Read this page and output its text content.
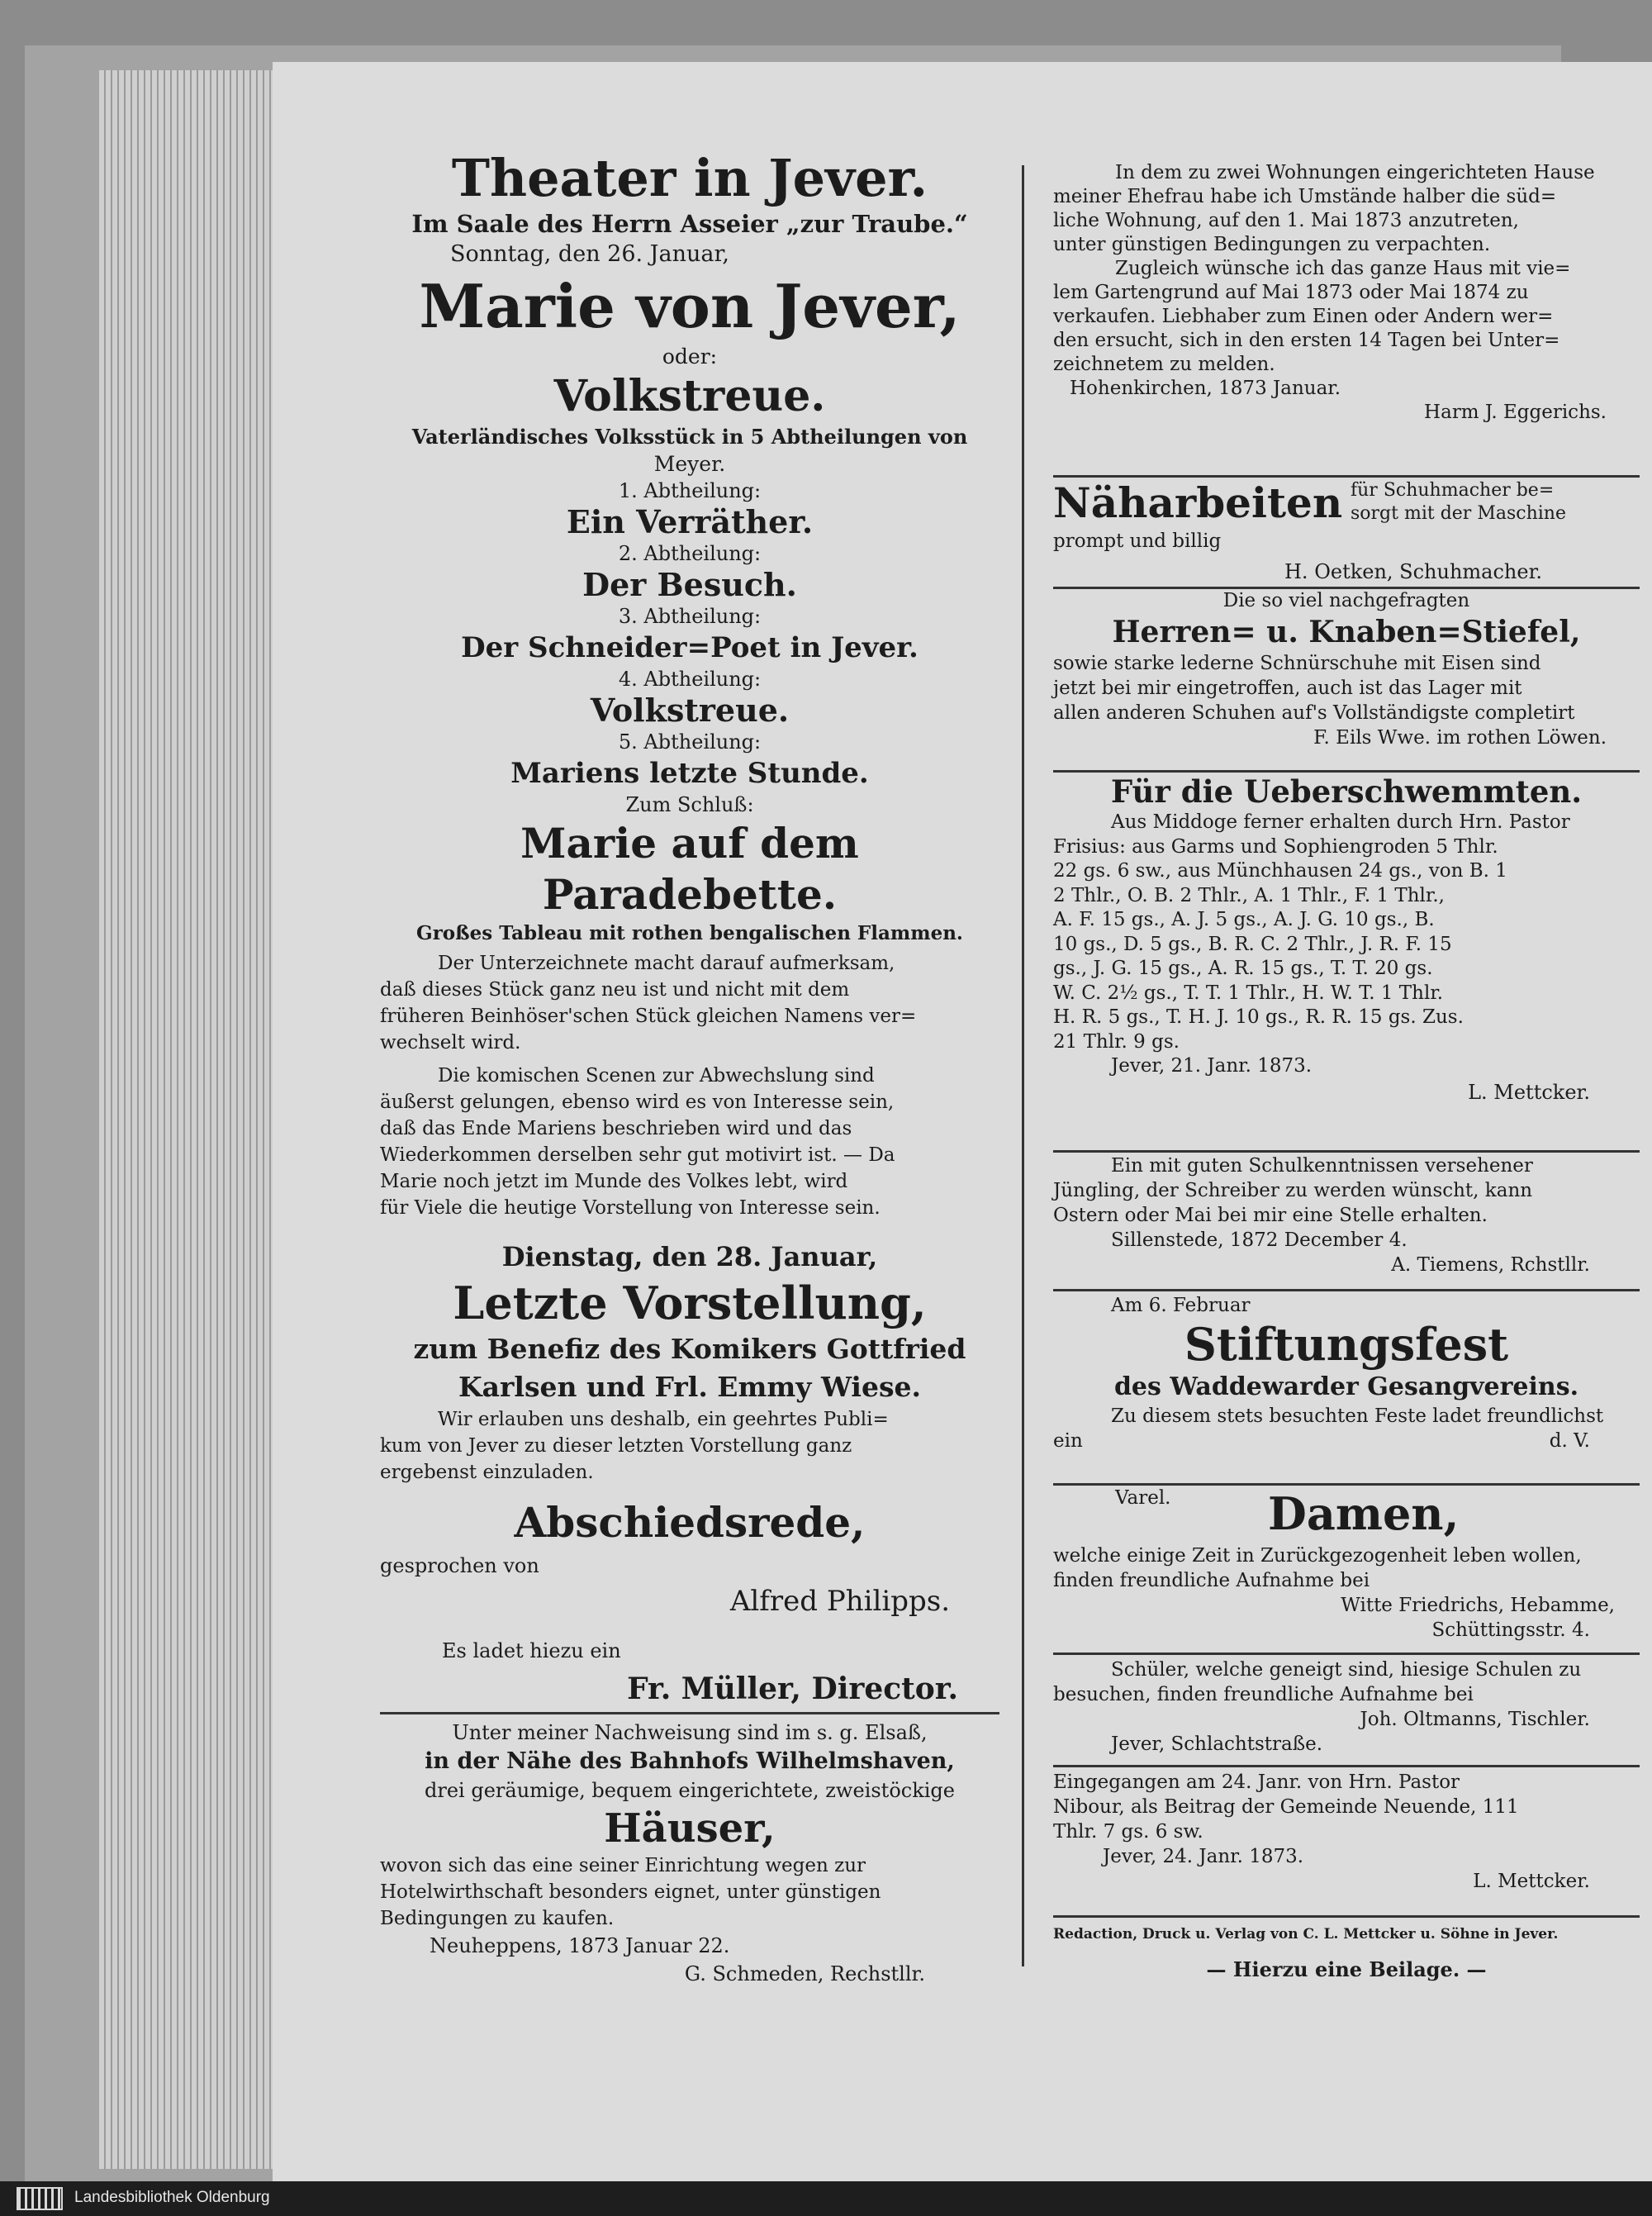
Theater in Jever.
Im Saale des Herrn Asseier „zur Traube.“
Sonntag, den 26. Januar,
Marie von Jever,
oder:
Volkstreue.
Vaterländisches Volksstück in 5 Abtheilungen von
Meyer.
1. Abtheilung:
Ein Verräther.
2. Abtheilung:
Der Besuch.
3. Abtheilung:
Der Schneider=Poet in Jever.
4. Abtheilung:
Volkstreue.
5. Abtheilung:
Mariens letzte Stunde.
Zum Schluß:
Marie auf dem Paradebette.
Großes Tableau mit rothen bengalischen Flammen.

Der Unterzeichnete macht darauf aufmerksam,

daß dieses Stück ganz neu ist und nicht mit dem

früheren Beinhöser'schen Stück gleichen Namens ver=

wechselt wird.

Die komischen Scenen zur Abwechslung sind

äußerst gelungen, ebenso wird es von Interesse sein,

daß das Ende Mariens beschrieben wird und das

Wiederkommen derselben sehr gut motivirt ist. — Da

Marie noch jetzt im Munde des Volkes lebt, wird

für Viele die heutige Vorstellung von Interesse sein.

Dienstag, den 28. Januar,
Letzte Vorstellung,
zum Benefiz des Komikers Gottfried
Karlsen und Frl. Emmy Wiese.

Wir erlauben uns deshalb, ein geehrtes Publi=

kum von Jever zu dieser letzten Vorstellung ganz

ergebenst einzuladen.

Abschiedsrede,
gesprochen von
Alfred Philipps.
Es ladet hiezu ein
Fr. Müller, Director.
Unter meiner Nachweisung sind im s. g. Elsaß,
in der Nähe des Bahnhofs Wilhelmshaven,
drei geräumige, bequem eingerichtete, zweistöckige
Häuser,

wovon sich das eine seiner Einrichtung wegen zur

Hotelwirthschaft besonders eignet, unter günstigen

Bedingungen zu kaufen.

Neuheppens, 1873 Januar 22.
G. Schmeden, Rechstllr.

In dem zu zwei Wohnungen eingerichteten Hause

meiner Ehefrau habe ich Umstände halber die süd=

liche Wohnung, auf den 1. Mai 1873 anzutreten,

unter günstigen Bedingungen zu verpachten.

Zugleich wünsche ich das ganze Haus mit vie=

lem Gartengrund auf Mai 1873 oder Mai 1874 zu

verkaufen. Liebhaber zum Einen oder Andern wer=

den ersucht, sich in den ersten 14 Tagen bei Unter=

zeichnetem zu melden.

Hohenkirchen, 1873 Januar.

Harm J. Eggerichs.

Näharbeiten für Schuhmacher be=
sorgt mit der Maschine
prompt und billig
H. Oetken, Schuhmacher.
Die so viel nachgefragten
Herren= u. Knaben=Stiefel,

sowie starke lederne Schnürschuhe mit Eisen sind

jetzt bei mir eingetroffen, auch ist das Lager mit

allen anderen Schuhen auf's Vollständigste completirt

F. Eils Wwe. im rothen Löwen.
Für die Ueberschwemmten.

Aus Middoge ferner erhalten durch Hrn. Pastor

Frisius: aus Garms und Sophiengroden 5 Thlr.

22 gs. 6 sw., aus Münchhausen 24 gs., von B. 1

2 Thlr., O. B. 2 Thlr., A. 1 Thlr., F. 1 Thlr.,

A. F. 15 gs., A. J. 5 gs., A. J. G. 10 gs., B.

10 gs., D. 5 gs., B. R. C. 2 Thlr., J. R. F. 15

gs., J. G. 15 gs., A. R. 15 gs., T. T. 20 gs.

W. C. 2½ gs., T. T. 1 Thlr., H. W. T. 1 Thlr.

H. R. 5 gs., T. H. J. 10 gs., R. R. 15 gs. Zus.

21 Thlr. 9 gs.

Jever, 21. Janr. 1873.

L. Mettcker.

Ein mit guten Schulkenntnissen versehener

Jüngling, der Schreiber zu werden wünscht, kann

Ostern oder Mai bei mir eine Stelle erhalten.

Sillenstede, 1872 December 4.

A. Tiemens, Rchstllr.

Am 6. Februar
Stiftungsfest
des Waddewarder Gesangvereins.
Zu diesem stets besuchten Feste ladet freundlichst
ein	d. V.
Varel. Damen,

welche einige Zeit in Zurückgezogenheit leben wollen,

finden freundliche Aufnahme bei

Witte Friedrichs, Hebamme,

Schüttingsstr. 4.

Schüler, welche geneigt sind, hiesige Schulen zu

besuchen, finden freundliche Aufnahme bei

Joh. Oltmanns, Tischler.

Jever, Schlachtstraße.

Eingegangen am 24. Janr. von Hrn. Pastor

Nibour, als Beitrag der Gemeinde Neuende, 111

Thlr. 7 gs. 6 sw.

Jever, 24. Janr. 1873.

L. Mettcker.

Redaction, Druck u. Verlag von C. L. Mettcker u. Söhne in Jever.
— Hierzu eine Beilage. —
Landesbibliothek Oldenburg
